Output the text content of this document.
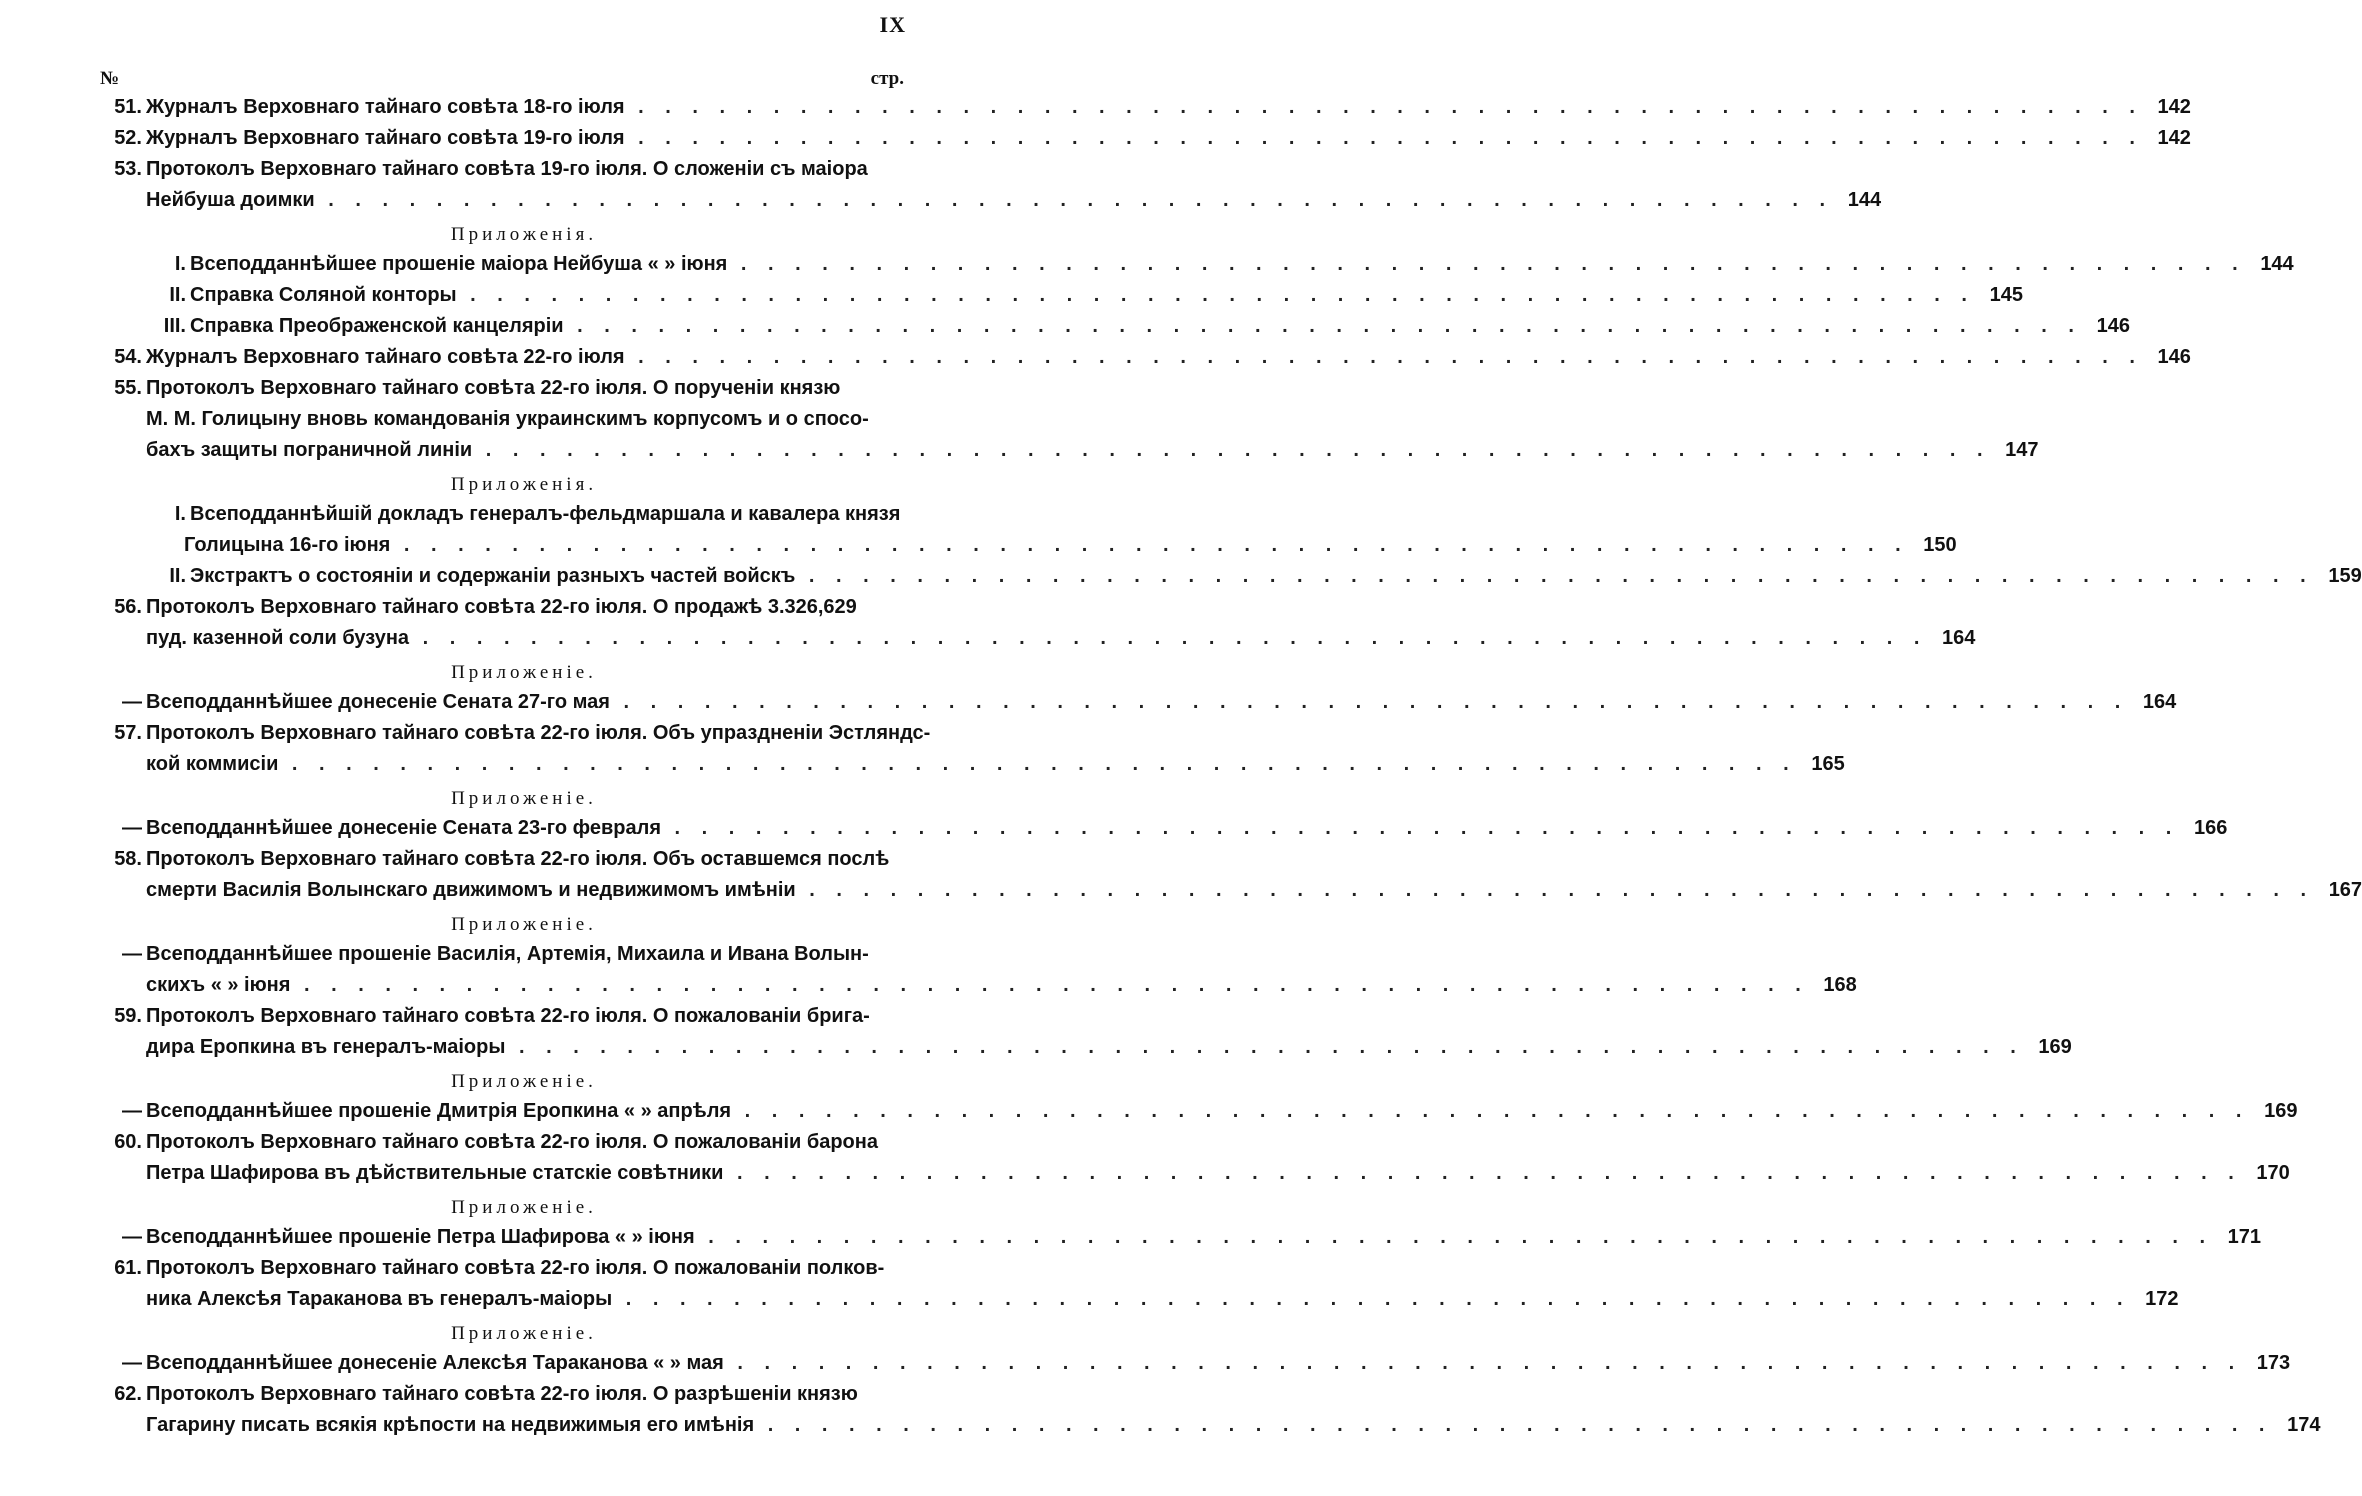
IX
№	стр.
51. Журналъ Верховнаго тайнаго совѣта 18-го іюля . . . . . . . . . . . . . . . . . . . . . . . . . . . . . . . . . . . . . . . . . . . . . . . . . . . . . . . . 142
52. Журналъ Верховнаго тайнаго совѣта 19-го іюля . . . . . . . . . . . . . . . . . . . . . . . . . . . . . . . . . . . . . . . . . . . . . . . . . . . . . . . . 142
53. Протоколъ Верховнаго тайнаго совѣта 19-го іюля. О сложеніи съ маіора
Нейбуша доимки . . . . . . . . . . . . . . . . . . . . . . . . . . . . . . . . . . . . . . . . . . . . . . . . . . . . . . . . 144
Приложенія.
I. Всеподданнѣйшее прошеніе маіора Нейбуша « » іюня . . . . . . . . . . . . . . . . . . . . . . . . . . . . . . . . . . . . . . . . . . . . . . . . . . . . . . . . 144
II. Справка Соляной конторы . . . . . . . . . . . . . . . . . . . . . . . . . . . . . . . . . . . . . . . . . . . . . . . . . . . . . . . . 145
III. Справка Преображенской канцеляріи . . . . . . . . . . . . . . . . . . . . . . . . . . . . . . . . . . . . . . . . . . . . . . . . . . . . . . . . 146
54. Журналъ Верховнаго тайнаго совѣта 22-го іюля . . . . . . . . . . . . . . . . . . . . . . . . . . . . . . . . . . . . . . . . . . . . . . . . . . . . . . . . 146
55. Протоколъ Верховнаго тайнаго совѣта 22-го іюля. О порученіи князю
М. М. Голицыну вновь командованія украинскимъ корпусомъ и о спосо-
бахъ защиты пограничной линіи . . . . . . . . . . . . . . . . . . . . . . . . . . . . . . . . . . . . . . . . . . . . . . . . . . . . . . . . 147
Приложенія.
I. Всеподданнѣйшій докладъ генералъ-фельдмаршала и кавалера князя
Голицына 16-го іюня . . . . . . . . . . . . . . . . . . . . . . . . . . . . . . . . . . . . . . . . . . . . . . . . . . . . . . . . 150
II. Экстрактъ о состояніи и содержаніи разныхъ частей войскъ . . . . . . . . . . . . . . . . . . . . . . . . . . . . . . . . . . . . . . . . . . . . . . . . . . . . . . . . 159
56. Протоколъ Верховнаго тайнаго совѣта 22-го іюля. О продажѣ 3.326,629
пуд. казенной соли бузуна . . . . . . . . . . . . . . . . . . . . . . . . . . . . . . . . . . . . . . . . . . . . . . . . . . . . . . . . 164
Приложеніе.
— Всеподданнѣйшее донесеніе Сената 27-го мая . . . . . . . . . . . . . . . . . . . . . . . . . . . . . . . . . . . . . . . . . . . . . . . . . . . . . . . . 164
57. Протоколъ Верховнаго тайнаго совѣта 22-го іюля. Объ упраздненіи Эстляндс-
кой коммисіи . . . . . . . . . . . . . . . . . . . . . . . . . . . . . . . . . . . . . . . . . . . . . . . . . . . . . . . . 165
Приложеніе.
— Всеподданнѣйшее донесеніе Сената 23-го февраля . . . . . . . . . . . . . . . . . . . . . . . . . . . . . . . . . . . . . . . . . . . . . . . . . . . . . . . . 166
58. Протоколъ Верховнаго тайнаго совѣта 22-го іюля. Объ оставшемся послѣ
смерти Василія Волынскаго движимомъ и недвижимомъ имѣніи . . . . . . . . . . . . . . . . . . . . . . . . . . . . . . . . . . . . . . . . . . . . . . . . . . . . . . . . 167
Приложеніе.
— Всеподданнѣйшее прошеніе Василія, Артемія, Михаила и Ивана Волын-
скихъ « » іюня . . . . . . . . . . . . . . . . . . . . . . . . . . . . . . . . . . . . . . . . . . . . . . . . . . . . . . . . 168
59. Протоколъ Верховнаго тайнаго совѣта 22-го іюля. О пожалованіи брига-
дира Еропкина въ генералъ-маіоры . . . . . . . . . . . . . . . . . . . . . . . . . . . . . . . . . . . . . . . . . . . . . . . . . . . . . . . . 169
Приложеніе.
— Всеподданнѣйшее прошеніе Дмитрія Еропкина « » апрѣля . . . . . . . . . . . . . . . . . . . . . . . . . . . . . . . . . . . . . . . . . . . . . . . . . . . . . . . . 169
60. Протоколъ Верховнаго тайнаго совѣта 22-го іюля. О пожалованіи барона
Петра Шафирова въ дѣйствительные статскіе совѣтники . . . . . . . . . . . . . . . . . . . . . . . . . . . . . . . . . . . . . . . . . . . . . . . . . . . . . . . . 170
Приложеніе.
— Всеподданнѣйшее прошеніе Петра Шафирова « » іюня . . . . . . . . . . . . . . . . . . . . . . . . . . . . . . . . . . . . . . . . . . . . . . . . . . . . . . . . 171
61. Протоколъ Верховнаго тайнаго совѣта 22-го іюля. О пожалованіи полков-
ника Алексѣя Тараканова въ генералъ-маіоры . . . . . . . . . . . . . . . . . . . . . . . . . . . . . . . . . . . . . . . . . . . . . . . . . . . . . . . . 172
Приложеніе.
— Всеподданнѣйшее донесеніе Алексѣя Тараканова « » мая . . . . . . . . . . . . . . . . . . . . . . . . . . . . . . . . . . . . . . . . . . . . . . . . . . . . . . . . 173
62. Протоколъ Верховнаго тайнаго совѣта 22-го іюля. О разрѣшеніи князю
Гагарину писать всякія крѣпости на недвижимыя его имѣнія . . . . . . . . . . . . . . . . . . . . . . . . . . . . . . . . . . . . . . . . . . . . . . . . . . . . . . . . 174
